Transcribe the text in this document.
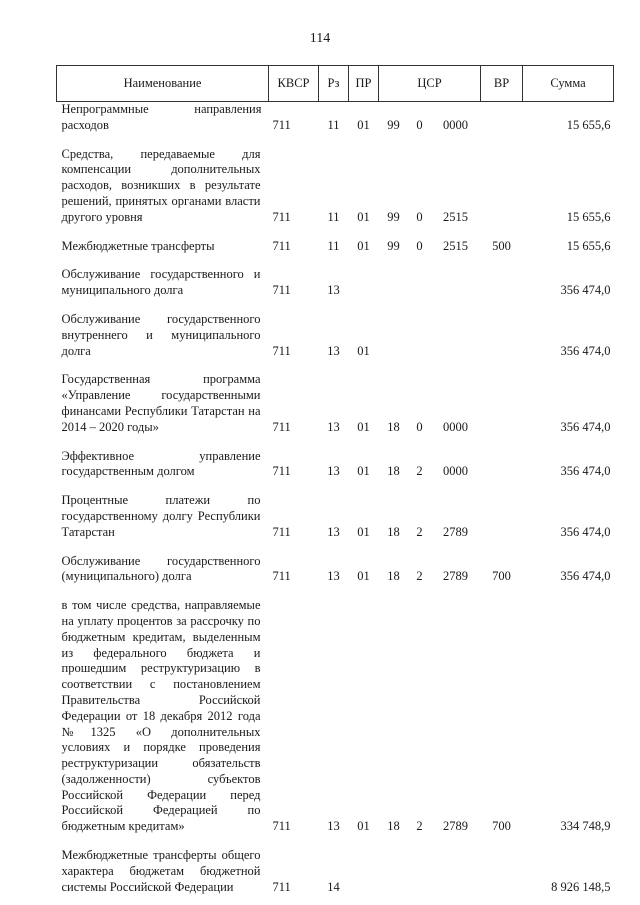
114
Наименование	КВСР	Рз	ПР	ЦСР			ВР	Сумма

Непрограммные направления расходов	711	11	01	99	0	0000		15 655,6

Средства, передаваемые для компенсации дополнительных расходов, возникших в результате решений, принятых органами власти другого уровня	711	11	01	99	0	2515		15 655,6

Межбюджетные трансферты	711	11	01	99	0	2515	500	15 655,6

Обслуживание государственного и муниципального долга	711	13						356 474,0

Обслуживание государственного внутреннего и муниципального долга	711	13	01					356 474,0

Государственная программа «Управление государственными финансами Республики Татарстан на 2014 – 2020 годы»	711	13	01	18	0	0000		356 474,0

Эффективное управление государственным долгом	711	13	01	18	2	0000		356 474,0

Процентные платежи по государственному долгу Республики Татарстан	711	13	01	18	2	2789		356 474,0

Обслуживание государственного (муниципального) долга	711	13	01	18	2	2789	700	356 474,0

в том числе средства, направляемые на уплату процентов за рассрочку по бюджетным кредитам, выделенным из федерального бюджета и прошедшим реструктуризацию в соответствии с постановлением Правительства Российской Федерации от 18 декабря 2012 года №1325 «О дополнительных условиях и порядке проведения реструктуризации обязательств (задолженности) субъектов Российской Федерации перед Российской Федерацией по бюджетным кредитам»	711	13	01	18	2	2789	700	334 748,9

Межбюджетные трансферты общего характера бюджетам бюджетной системы Российской Федерации	711	14						8 926 148,5
